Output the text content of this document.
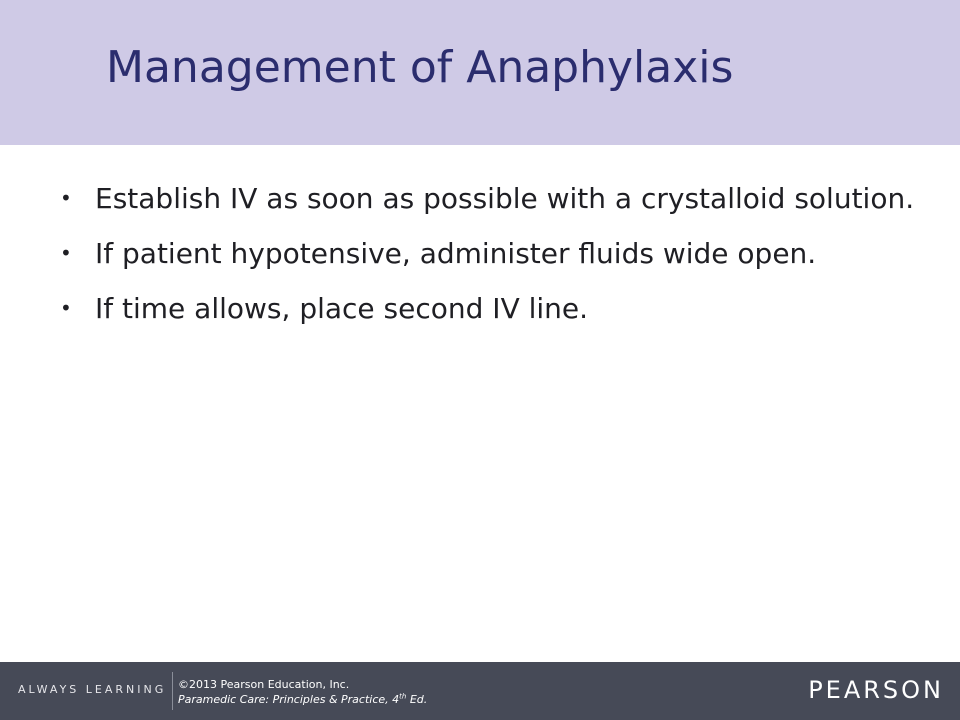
Management of Anaphylaxis
• Establish IV as soon as possible with a crystalloid solution.
• If patient hypotensive, administer fluids wide open.
• If time allows, place second IV line.
ALWAYS LEARNING ©2013 Pearson Education, Inc.
Paramedic Care: Principles & Practice, 4th Ed.	PEARSON
